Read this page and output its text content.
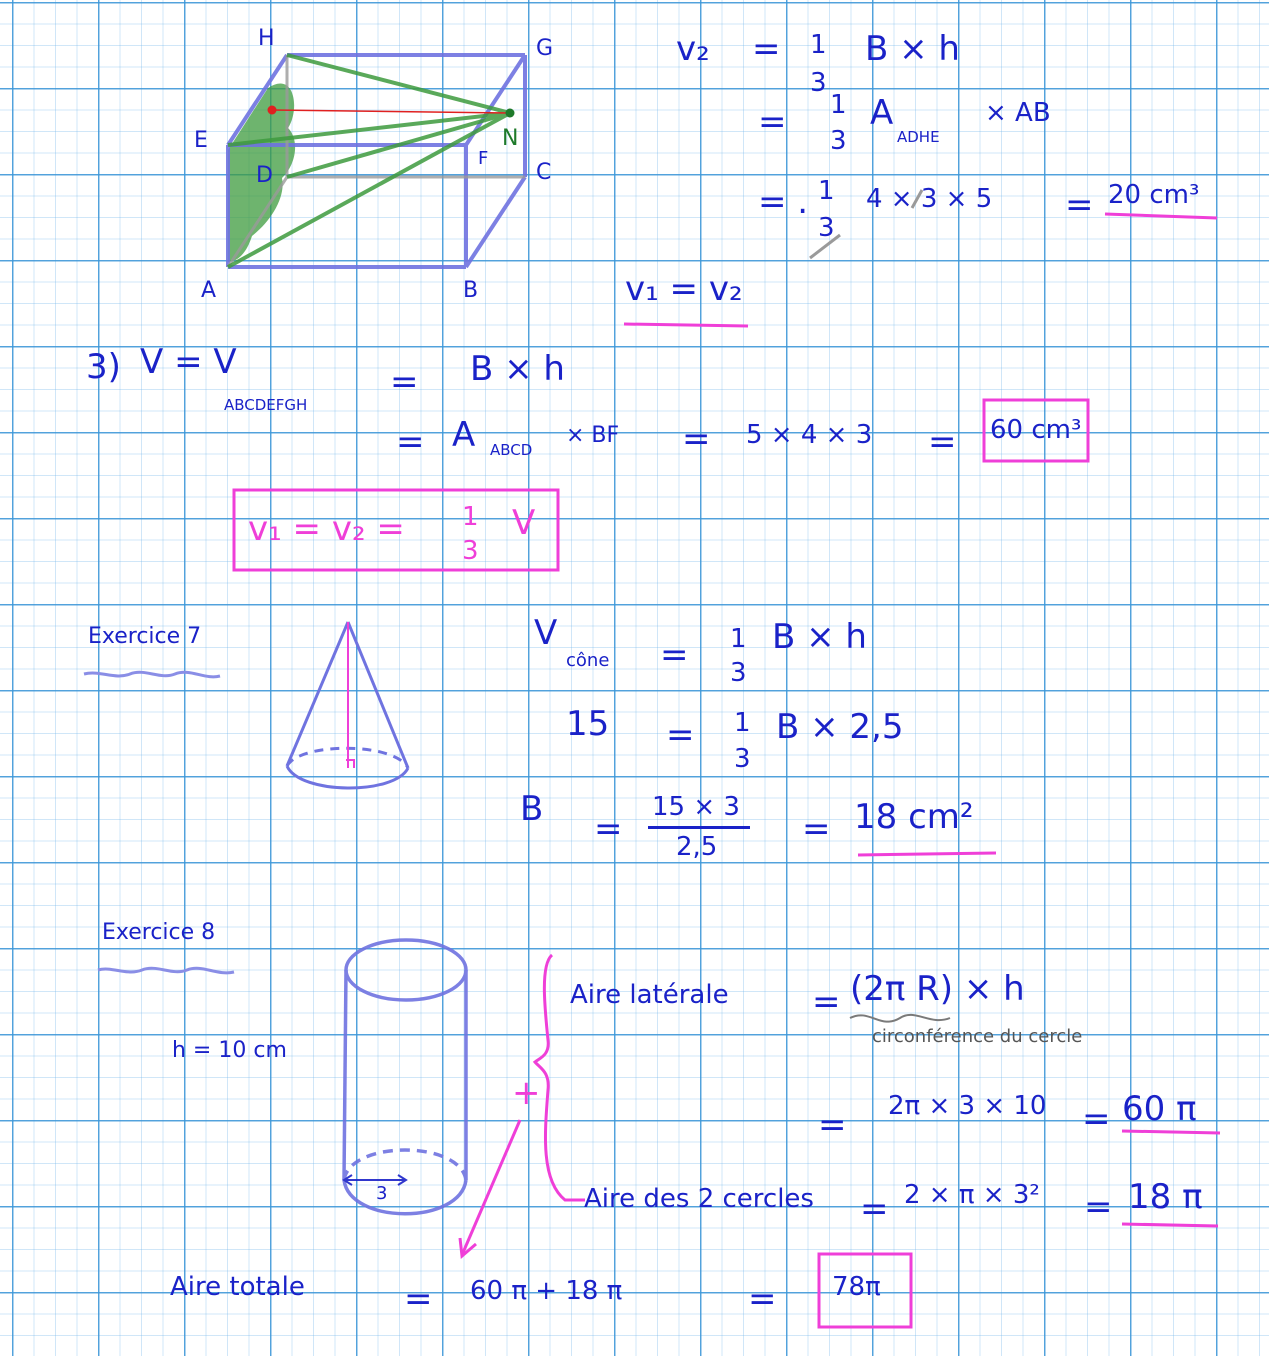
H	G
E
F
N
C
D
A	B
v₂ = 1
3
B × h
= 1
3
A
ADHE
× AB
= . 1
3
4 × 3 × 5 = 20 cm³
v₁ = v₂
3) V = V
ABCDEFGH
= B × h
= A ABCD
× BF = 5 × 4 × 3 = 60 cm³
v₁ = v₂ = 1
3
V
Exercice 7	V
cône = 1
3
B × h
15 = 1
3
B × 2,5
B =
15 × 3
2,5 = 18 cm²
Exercice 8
h = 10 cm
3
Aire latérale = (2π R) × h
circonférence du cercle
= 2π × 3 × 10 = 60 π
Aire des 2 cercles = 2 × π × 3² = 18 π
+
Aire totale	= 60 π + 18 π	= 78π
